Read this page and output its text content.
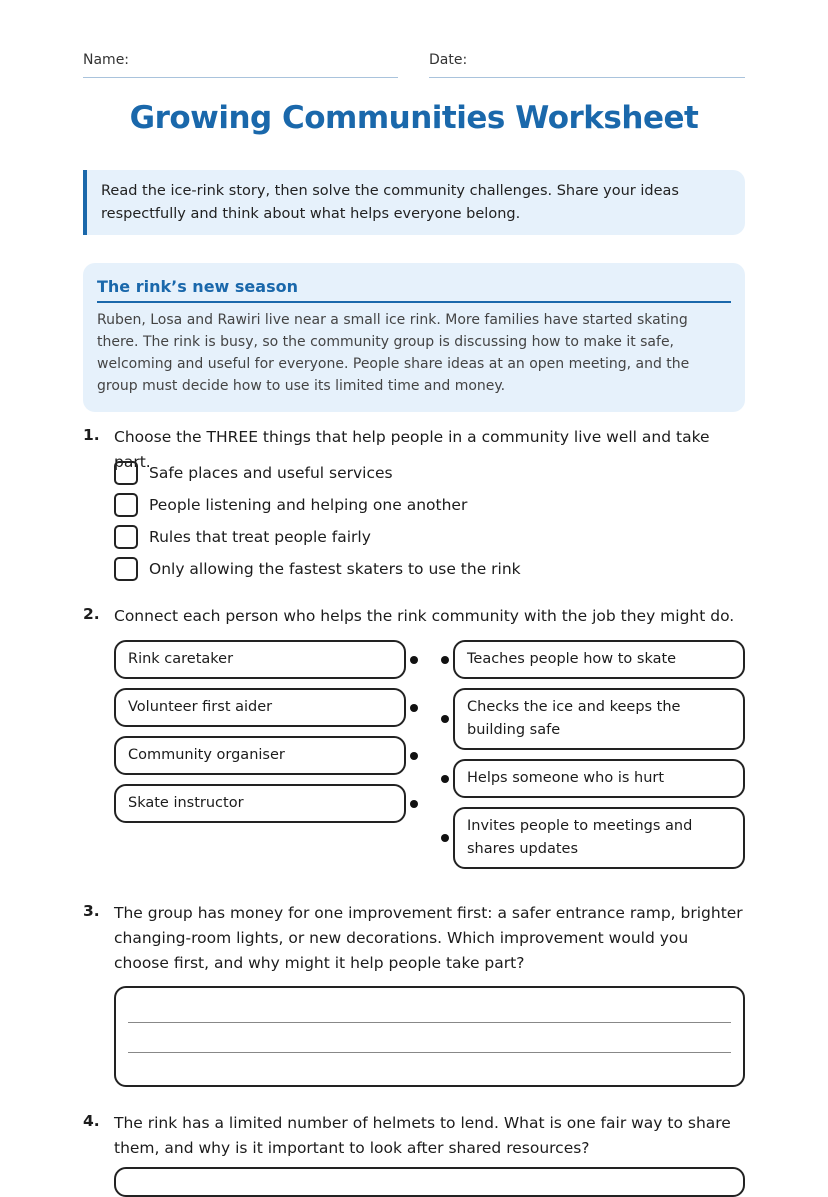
Name:	Date:
Growing Communities Worksheet
Read the ice-rink story, then solve the community challenges. Share your ideas respectfully and think about what helps everyone belong.
The rink’s new season
Ruben, Losa and Rawiri live near a small ice rink. More families have started skating there. The rink is busy, so the community group is discussing how to make it safe, welcoming and useful for everyone. People share ideas at an open meeting, and the group must decide how to use its limited time and money.
1. Choose the THREE things that help people in a community live well and take part.
Safe places and useful services
People listening and helping one another
Rules that treat people fairly
Only allowing the fastest skaters to use the rink
2. Connect each person who helps the rink community with the job they might do.
Rink caretaker
Volunteer first aider
Community organiser
Skate instructor
Teaches people how to skate
Checks the ice and keeps the building safe
Helps someone who is hurt
Invites people to meetings and shares updates
3. The group has money for one improvement first: a safer entrance ramp, brighter changing-room lights, or new decorations. Which improvement would you choose first, and why might it help people take part?
4. The rink has a limited number of helmets to lend. What is one fair way to share them, and why is it important to look after shared resources?
